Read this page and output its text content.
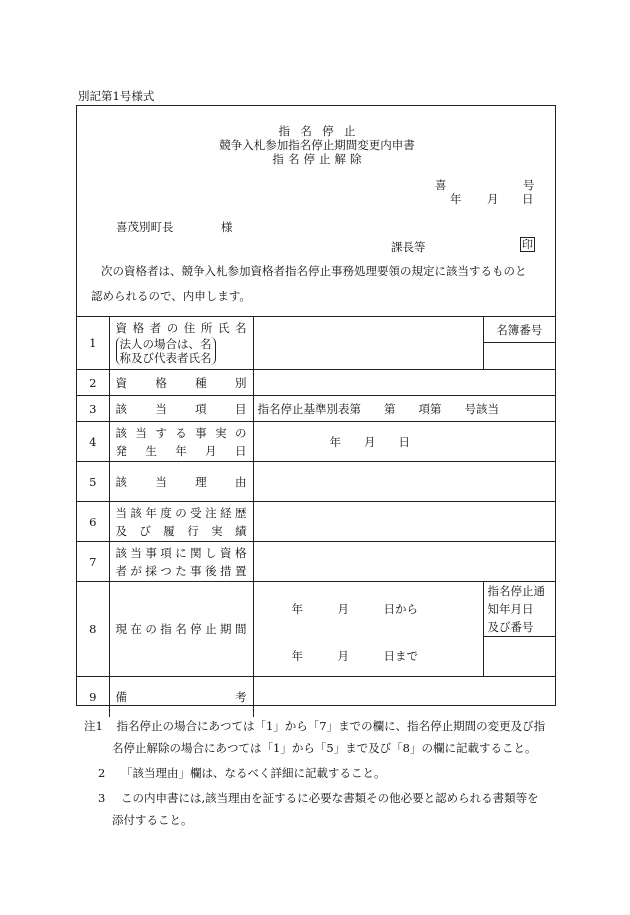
別記第1号様式
指名停止
競争入札参加指名停止期間変更内申書
指名停止解除
喜	号
年 月 日
喜茂別町長	様
課長等	印
次の資格者は、競争入札参加資格者指名停止事務処理要領の規定に該当するものと
認められるので、内申します。
1	資格者の住所氏名
法人の場合は、名
称及び代表者氏名		名簿番号

2	資格種別		
3	該当項目	指名停止基準別表第　　第　　項第　　号該当	
4	該当する事実の
発生年月日	年　　月　　日	
5	該当理由		
6	当該年度の受注経歴
及び履行実績		

7	該当事項に関し資格
者が採つた事後措置		

8	現在の指名停止期間	年　　　月　　　日から	指名停止通知年月日
及び番号

		年　　　月　　　日まで	
9	備考		
注1 指名停止の場合にあつては「1」から「7」までの欄に、指名停止期間の変更及び指
名停止解除の場合にあつては「1」から「5」まで及び「8」の欄に記載すること。
2 「該当理由」欄は、なるべく詳細に記載すること。
3 この内申書には,該当理由を証するに必要な書類その他必要と認められる書類等を
添付すること。
